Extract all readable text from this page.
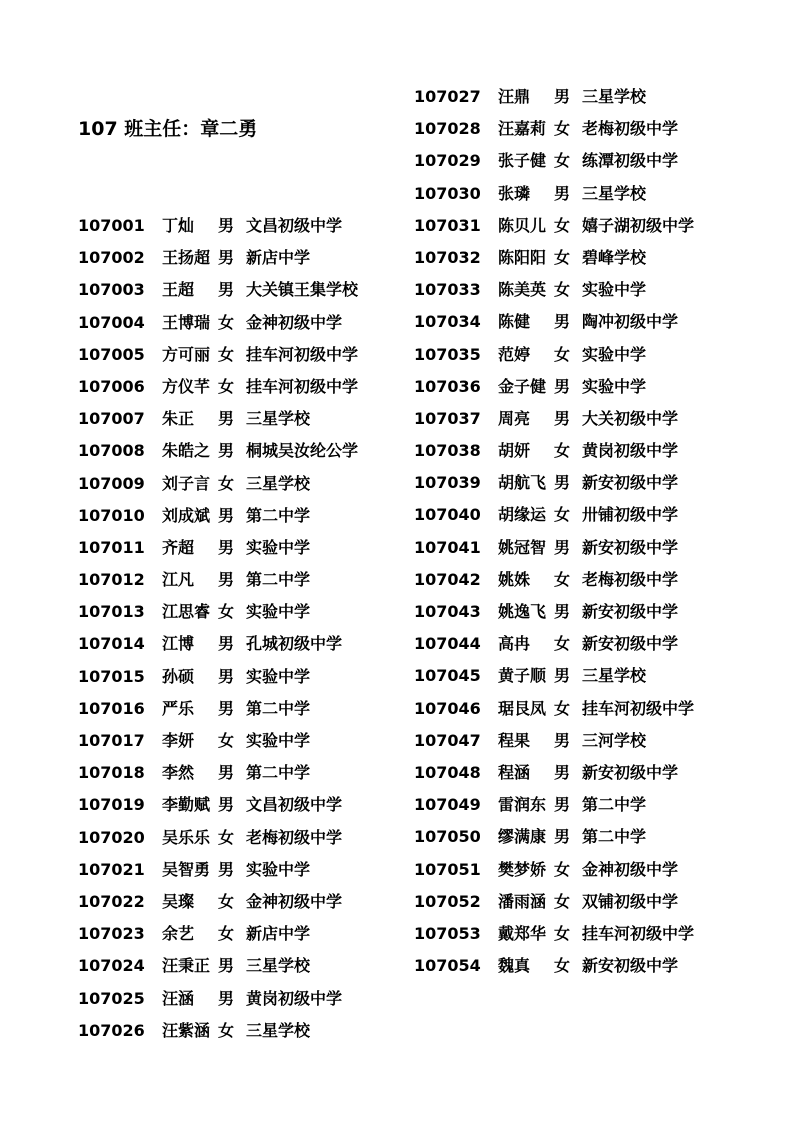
107 班主任：章二勇
107001 丁灿 男 文昌初级中学
107002 王扬超 男 新店中学
107003 王超 男 大关镇王集学校
107004 王博瑞 女 金神初级中学
107005 方可丽 女 挂车河初级中学
107006 方仪芊 女 挂车河初级中学
107007 朱正 男 三星学校
107008 朱皓之 男 桐城吴汝纶公学
107009 刘子言 女 三星学校
107010 刘成斌 男 第二中学
107011 齐超 男 实验中学
107012 江凡 男 第二中学
107013 江思睿 女 实验中学
107014 江博 男 孔城初级中学
107015 孙硕 男 实验中学
107016 严乐 男 第二中学
107017 李妍 女 实验中学
107018 李然 男 第二中学
107019 李勤赋 男 文昌初级中学
107020 吴乐乐 女 老梅初级中学
107021 吴智勇 男 实验中学
107022 吴璨 女 金神初级中学
107023 余艺 女 新店中学
107024 汪秉正 男 三星学校
107025 汪涵 男 黄岗初级中学
107026 汪紫涵 女 三星学校
107027 汪鼎 男 三星学校
107028 汪嘉莉 女 老梅初级中学
107029 张子健 女 练潭初级中学
107030 张璘 男 三星学校
107031 陈贝儿 女 嬉子湖初级中学
107032 陈阳阳 女 碧峰学校
107033 陈美英 女 实验中学
107034 陈健 男 陶冲初级中学
107035 范婷 女 实验中学
107036 金子健 男 实验中学
107037 周亮 男 大关初级中学
107038 胡妍 女 黄岗初级中学
107039 胡航飞 男 新安初级中学
107040 胡缘运 女 卅铺初级中学
107041 姚冠智 男 新安初级中学
107042 姚姝 女 老梅初级中学
107043 姚逸飞 男 新安初级中学
107044 高冉 女 新安初级中学
107045 黄子顺 男 三星学校
107046 琚艮凤 女 挂车河初级中学
107047 程果 男 三河学校
107048 程涵 男 新安初级中学
107049 雷润东 男 第二中学
107050 缪满康 男 第二中学
107051 樊梦娇 女 金神初级中学
107052 潘雨涵 女 双铺初级中学
107053 戴郑华 女 挂车河初级中学
107054 魏真 女 新安初级中学
